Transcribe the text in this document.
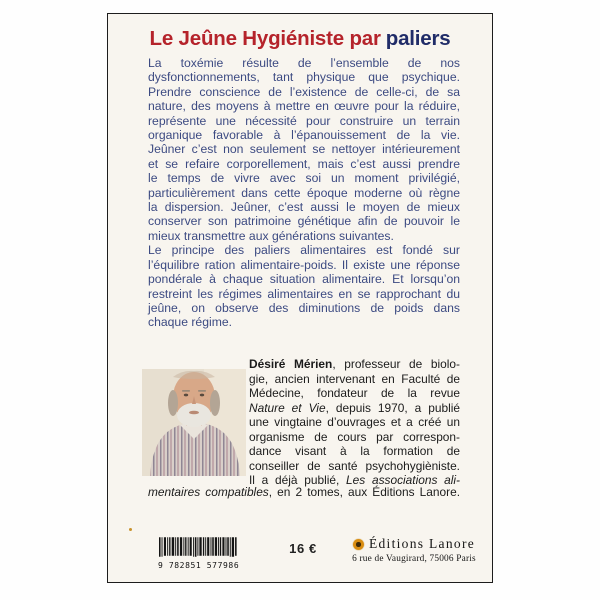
Le Jeûne Hygiéniste par paliers
La toxémie résulte de l’ensemble de nos
dysfonctionnements, tant physique que psychique.
Prendre conscience de l’existence de celle-ci, de sa
nature, des moyens à mettre en œuvre pour la réduire,
représente une nécessité pour construire un terrain
organique favorable à l’épanouissement de la vie.
Jeûner c’est non seulement se nettoyer intérieurement
et se refaire corporellement, mais c’est aussi prendre
le temps de vivre avec soi un moment privilégié,
particulièrement dans cette époque moderne où règne
la dispersion. Jeûner, c’est aussi le moyen de mieux
conserver son patrimoine génétique afin de pouvoir le
mieux transmettre aux générations suivantes.
Le principe des paliers alimentaires est fondé sur
l’équilibre ration alimentaire-poids. Il existe une réponse
pondérale à chaque situation alimentaire. Et lorsqu’on
restreint les régimes alimentaires en se rapprochant du
jeûne, on observe des diminutions de poids dans
chaque régime.
Désiré Mérien, professeur de biolo-
gie, ancien intervenant en Faculté de
Médecine, fondateur de la revue
Nature et Vie, depuis 1970, a publié
une vingtaine d’ouvrages et a créé un
organisme de cours par correspon-
dance visant à la formation de
conseiller de santé psychohygièniste.
Il a déjà publié, Les associations ali-
mentaires compatibles, en 2 tomes, aux Éditions Lanore.
9 782851 577986
16 €	Éditions Lanore
6 rue de Vaugirard, 75006 Paris
